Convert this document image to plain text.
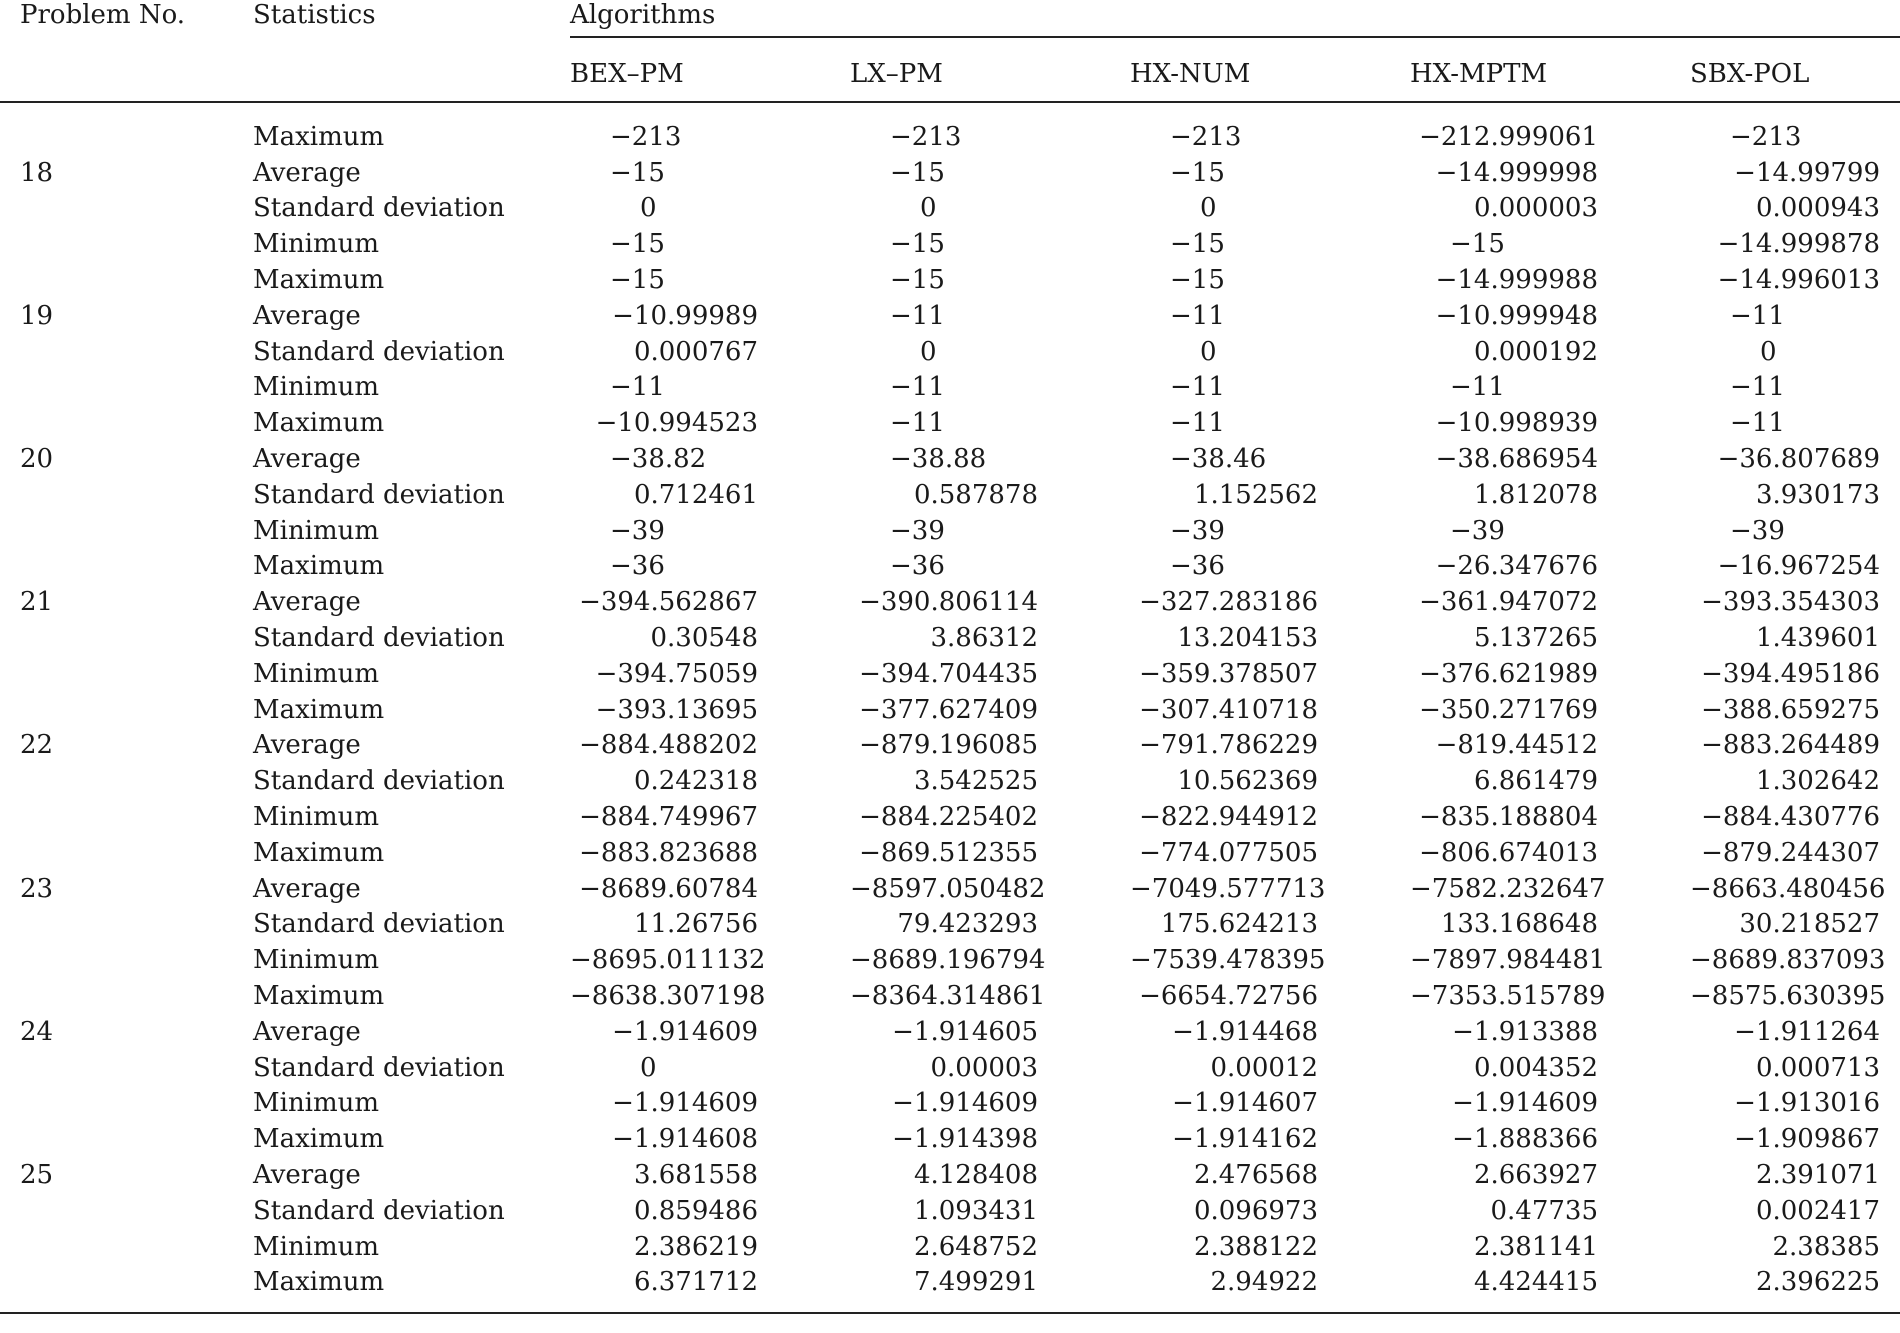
Problem No.	Statistics	Algorithms				
		BEX–PM	LX–PM	HX-NUM	HX-MPTM	SBX-POL
	Maximum	−213	−213	−213	−212.999061	−213
18	Average	−15	−15	−15	−14.999998	−14.99799
	Standard deviation	0	0	0	0.000003	0.000943
	Minimum	−15	−15	−15	−15	−14.999878
	Maximum	−15	−15	−15	−14.999988	−14.996013
19	Average	−10.99989	−11	−11	−10.999948	−11
	Standard deviation	0.000767	0	0	0.000192	0
	Minimum	−11	−11	−11	−11	−11
	Maximum	−10.994523	−11	−11	−10.998939	−11
20	Average	−38.82	−38.88	−38.46	−38.686954	−36.807689
	Standard deviation	0.712461	0.587878	1.152562	1.812078	3.930173
	Minimum	−39	−39	−39	−39	−39
	Maximum	−36	−36	−36	−26.347676	−16.967254
21	Average	−394.562867	−390.806114	−327.283186	−361.947072	−393.354303
	Standard deviation	0.30548	3.86312	13.204153	5.137265	1.439601
	Minimum	−394.75059	−394.704435	−359.378507	−376.621989	−394.495186
	Maximum	−393.13695	−377.627409	−307.410718	−350.271769	−388.659275
22	Average	−884.488202	−879.196085	−791.786229	−819.44512	−883.264489
	Standard deviation	0.242318	3.542525	10.562369	6.861479	1.302642
	Minimum	−884.749967	−884.225402	−822.944912	−835.188804	−884.430776
	Maximum	−883.823688	−869.512355	−774.077505	−806.674013	−879.244307
23	Average	−8689.60784	−8597.050482	−7049.577713	−7582.232647	−8663.480456
	Standard deviation	11.26756	79.423293	175.624213	133.168648	30.218527
	Minimum	−8695.011132	−8689.196794	−7539.478395	−7897.984481	−8689.837093
	Maximum	−8638.307198	−8364.314861	−6654.72756	−7353.515789	−8575.630395
24	Average	−1.914609	−1.914605	−1.914468	−1.913388	−1.911264
	Standard deviation	0	0.00003	0.00012	0.004352	0.000713
	Minimum	−1.914609	−1.914609	−1.914607	−1.914609	−1.913016
	Maximum	−1.914608	−1.914398	−1.914162	−1.888366	−1.909867
25	Average	3.681558	4.128408	2.476568	2.663927	2.391071
	Standard deviation	0.859486	1.093431	0.096973	0.47735	0.002417
	Minimum	2.386219	2.648752	2.388122	2.381141	2.38385
	Maximum	6.371712	7.499291	2.94922	4.424415	2.396225
